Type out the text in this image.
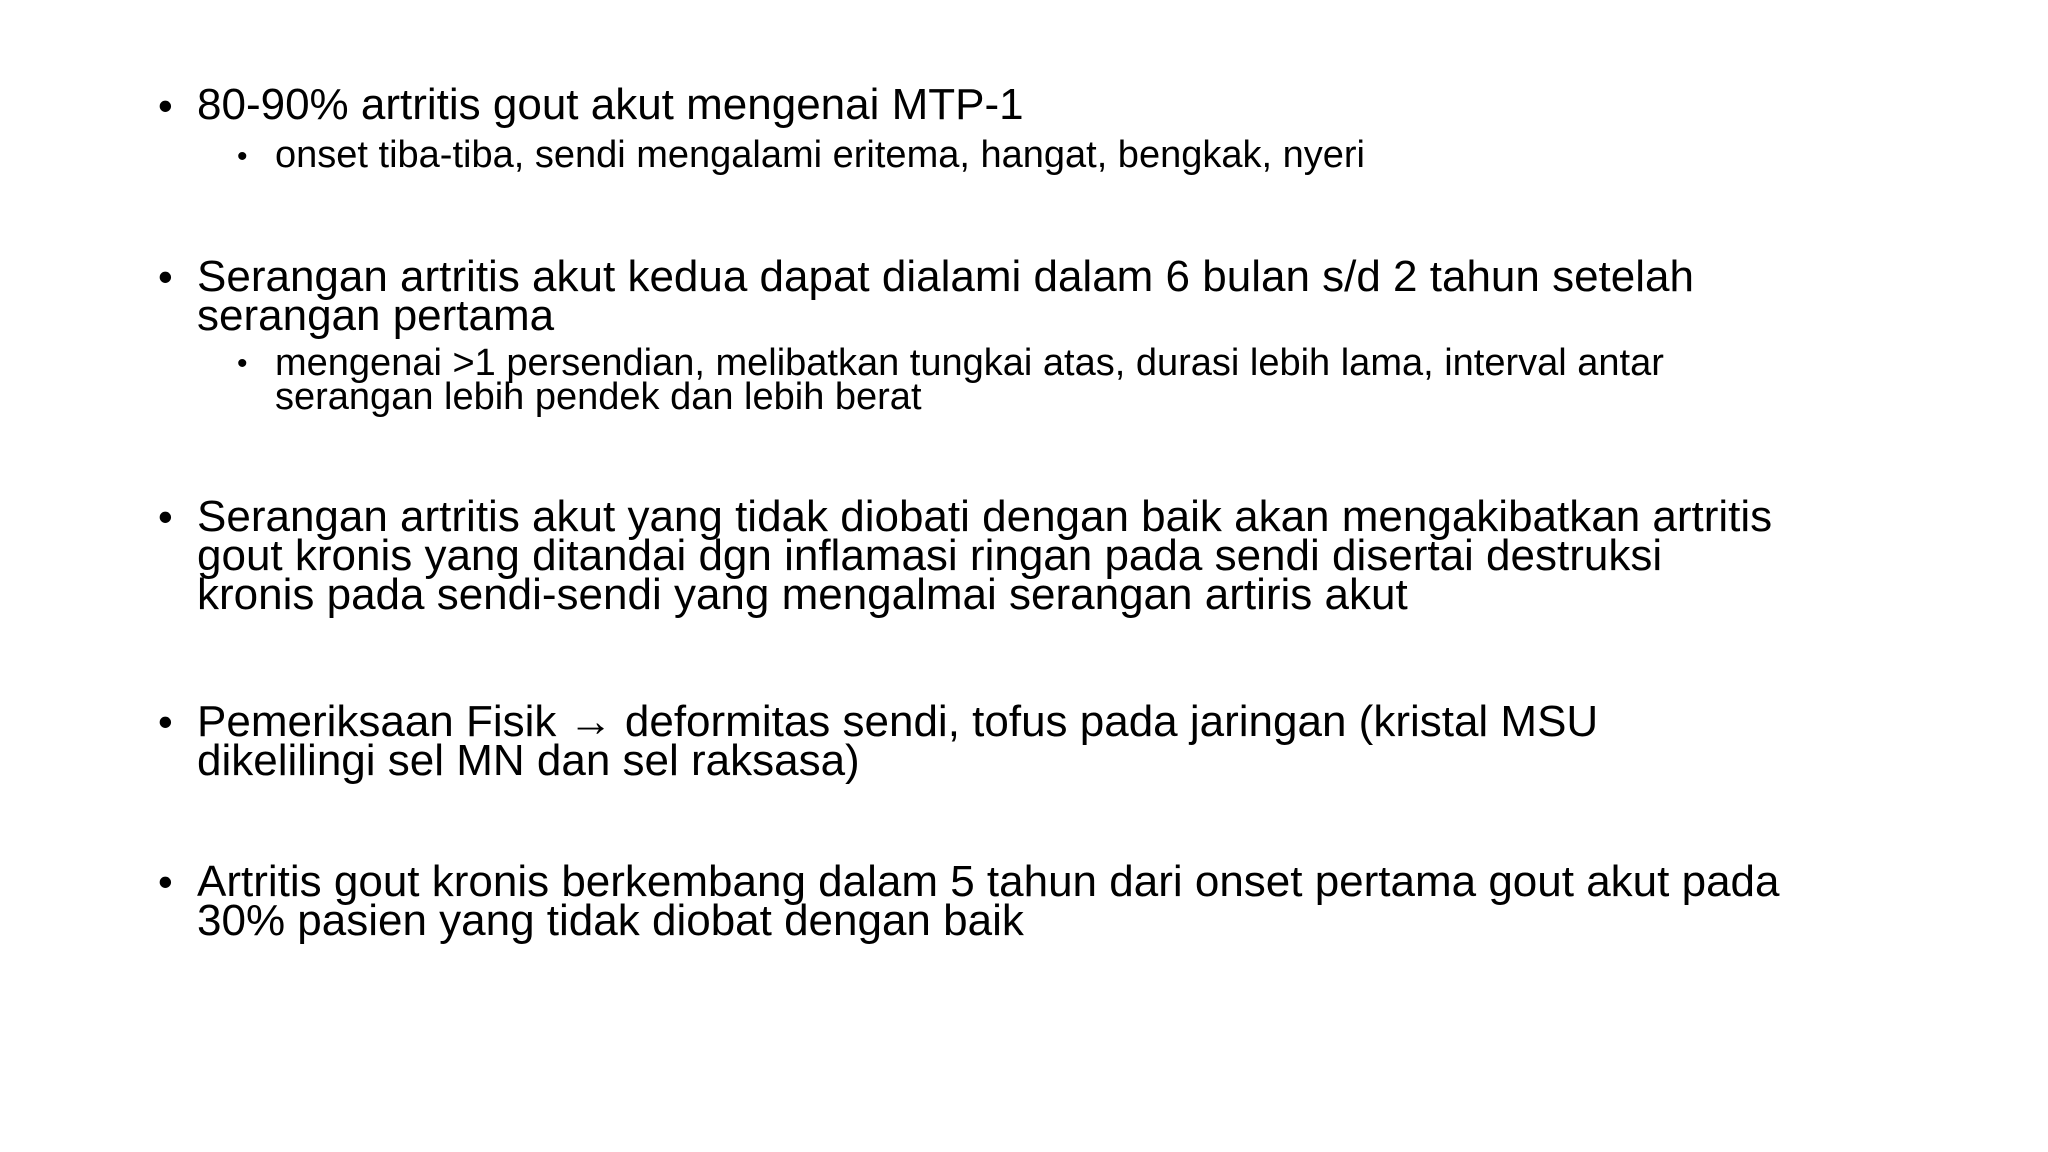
• 80-90% artritis gout akut mengenai MTP-1
• onset tiba-tiba, sendi mengalami eritema, hangat, bengkak, nyeri
• Serangan artritis akut kedua dapat dialami dalam 6 bulan s/d 2 tahun setelah
serangan pertama
• mengenai >1 persendian, melibatkan tungkai atas, durasi lebih lama, interval antar
serangan lebih pendek dan lebih berat
• Serangan artritis akut yang tidak diobati dengan baik akan mengakibatkan artritis
gout kronis yang ditandai dgn inflamasi ringan pada sendi disertai destruksi
kronis pada sendi-sendi yang mengalmai serangan artiris akut
• Pemeriksaan Fisik → deformitas sendi, tofus pada jaringan (kristal MSU
dikelilingi sel MN dan sel raksasa)
• Artritis gout kronis berkembang dalam 5 tahun dari onset pertama gout akut pada
30% pasien yang tidak diobat dengan baik
